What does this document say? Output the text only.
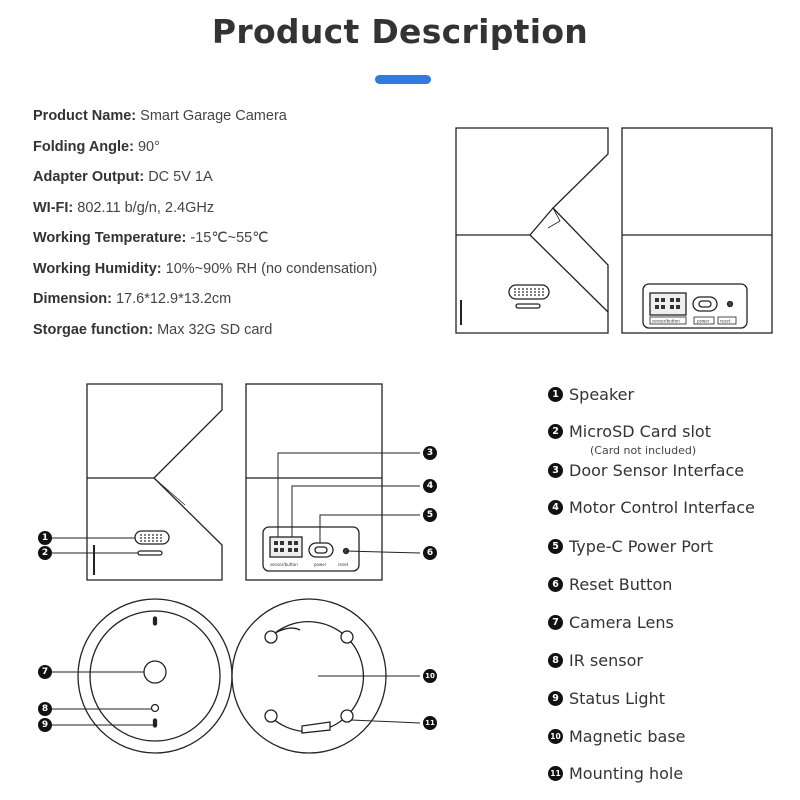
Product Description
Product Name: Smart Garage Camera
Folding Angle: 90°
Adapter Output: DC 5V 1A
WI-FI: 802.11 b/g/n, 2.4GHz
Working Temperature: -15℃~55℃
Working Humidity: 10%~90% RH (no condensation)
Dimension: 17.6*12.9*13.2cm
Storgae function: Max 32G SD card
sensor/button	power	reset
sensor/button	power	reset
1
2
3
4
5
6
7
8
9
10
11
1 Speaker
2 MicroSD Card slot
(Card not included)
3 Door Sensor Interface
4 Motor Control Interface
5 Type-C Power Port
6 Reset Button
7 Camera Lens
8 IR sensor
9 Status Light
10 Magnetic base
11 Mounting hole
